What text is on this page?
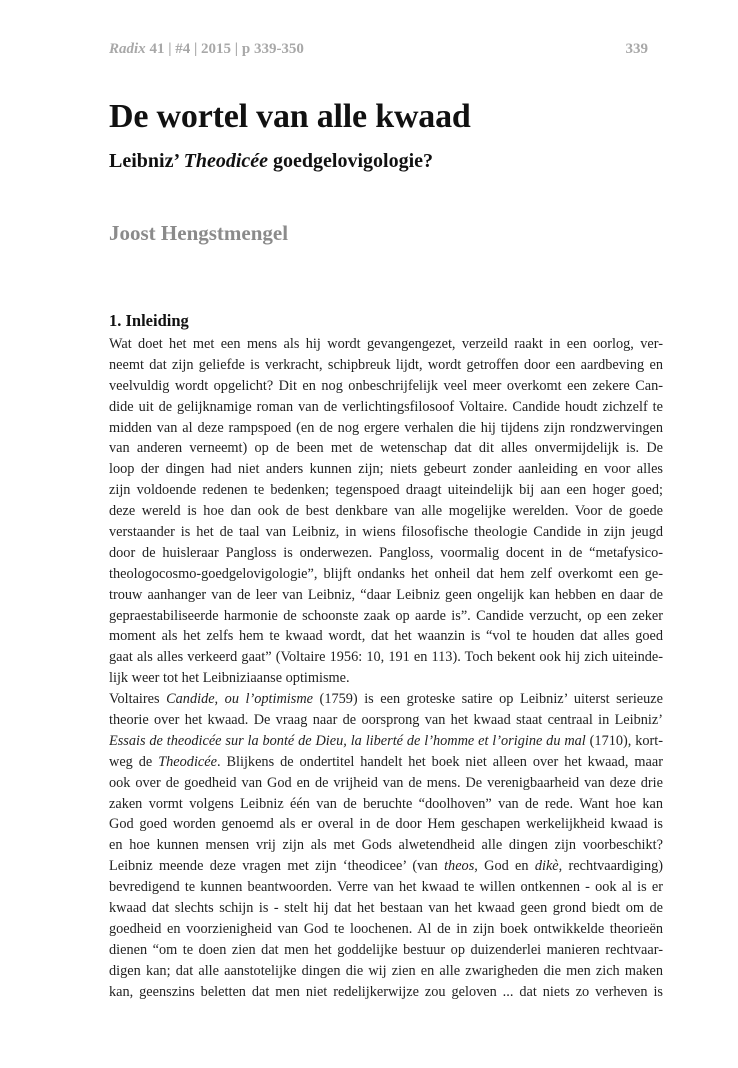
Radix 41 | #4 | 2015 | p 339-350	339
De wortel van alle kwaad
Leibniz’ Theodicée goedgelovigologie?
Joost Hengstmengel
1. Inleiding
Wat doet het met een mens als hij wordt gevangengezet, verzeild raakt in een oorlog, ver-
neemt dat zijn geliefde is verkracht, schipbreuk lijdt, wordt getroffen door een aardbeving en
veelvuldig wordt opgelicht? Dit en nog onbeschrijfelijk veel meer overkomt een zekere Can-
dide uit de gelijknamige roman van de verlichtingsfilosoof Voltaire. Candide houdt zichzelf te
midden van al deze rampspoed (en de nog ergere verhalen die hij tijdens zijn rondzwervingen
van anderen verneemt) op de been met de wetenschap dat dit alles onvermijdelijk is. De
loop der dingen had niet anders kunnen zijn; niets gebeurt zonder aanleiding en voor alles
zijn voldoende redenen te bedenken; tegenspoed draagt uiteindelijk bij aan een hoger goed;
deze wereld is hoe dan ook de best denkbare van alle mogelijke werelden. Voor de goede
verstaander is het de taal van Leibniz, in wiens filosofische theologie Candide in zijn jeugd
door de huisleraar Pangloss is onderwezen. Pangloss, voormalig docent in de “metafysico-
theologocosmo-goedgelovigologie”, blijft ondanks het onheil dat hem zelf overkomt een ge-
trouw aanhanger van de leer van Leibniz, “daar Leibniz geen ongelijk kan hebben en daar de
gepraestabiliseerde harmonie de schoonste zaak op aarde is”. Candide verzucht, op een zeker
moment als het zelfs hem te kwaad wordt, dat het waanzin is “vol te houden dat alles goed
gaat als alles verkeerd gaat” (Voltaire 1956: 10, 191 en 113). Toch bekent ook hij zich uiteinde-
lijk weer tot het Leibniziaanse optimisme.
Voltaires Candide, ou l’optimisme (1759) is een groteske satire op Leibniz’ uiterst serieuze
theorie over het kwaad. De vraag naar de oorsprong van het kwaad staat centraal in Leibniz’
Essais de theodicée sur la bonté de Dieu, la liberté de l’homme et l’origine du mal (1710), kort-
weg de Theodicée. Blijkens de ondertitel handelt het boek niet alleen over het kwaad, maar
ook over de goedheid van God en de vrijheid van de mens. De verenigbaarheid van deze drie
zaken vormt volgens Leibniz één van de beruchte “doolhoven” van de rede. Want hoe kan
God goed worden genoemd als er overal in de door Hem geschapen werkelijkheid kwaad is
en hoe kunnen mensen vrij zijn als met Gods alwetendheid alle dingen zijn voorbeschikt?
Leibniz meende deze vragen met zijn ‘theodicee’ (van theos, God en dikè, rechtvaardiging)
bevredigend te kunnen beantwoorden. Verre van het kwaad te willen ontkennen - ook al is er
kwaad dat slechts schijn is - stelt hij dat het bestaan van het kwaad geen grond biedt om de
goedheid en voorzienigheid van God te loochenen. Al de in zijn boek ontwikkelde theorieën
dienen “om te doen zien dat men het goddelijke bestuur op duizenderlei manieren rechtvaar-
digen kan; dat alle aanstotelijke dingen die wij zien en alle zwarigheden die men zich maken
kan, geenszins beletten dat men niet redelijkerwijze zou geloven ... dat niets zo verheven is
